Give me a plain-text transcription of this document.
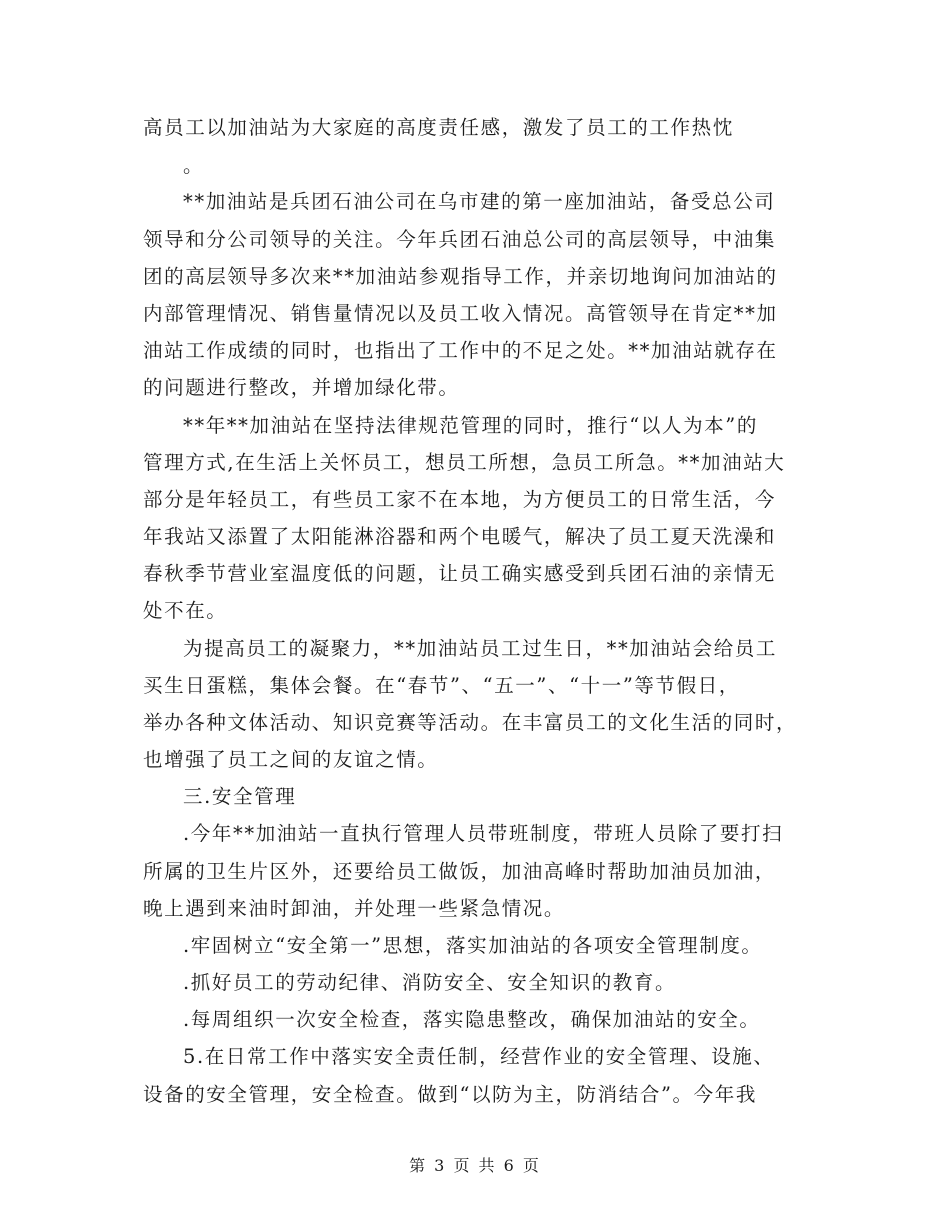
高员工以加油站为大家庭的高度责任感，激发了员工的工作热忱
。
**加油站是兵团石油公司在乌市建的第一座加油站，备受总公司
领导和分公司领导的关注。今年兵团石油总公司的高层领导，中油集
团的高层领导多次来**加油站参观指导工作，并亲切地询问加油站的
内部管理情况、销售量情况以及员工收入情况。高管领导在肯定**加
油站工作成绩的同时，也指出了工作中的不足之处。**加油站就存在
的问题进行整改，并增加绿化带。
**年**加油站在坚持法律规范管理的同时，推行“以人为本”的
管理方式,在生活上关怀员工，想员工所想，急员工所急。**加油站大
部分是年轻员工，有些员工家不在本地，为方便员工的日常生活，今
年我站又添置了太阳能淋浴器和两个电暖气，解决了员工夏天洗澡和
春秋季节营业室温度低的问题，让员工确实感受到兵团石油的亲情无
处不在。
为提高员工的凝聚力，**加油站员工过生日，**加油站会给员工
买生日蛋糕，集体会餐。在“春节”、“五一”、“十一”等节假日，
举办各种文体活动、知识竞赛等活动。在丰富员工的文化生活的同时，
也增强了员工之间的友谊之情。
三.安全管理
.今年**加油站一直执行管理人员带班制度，带班人员除了要打扫
所属的卫生片区外，还要给员工做饭，加油高峰时帮助加油员加油，
晚上遇到来油时卸油，并处理一些紧急情况。
.牢固树立“安全第一”思想，落实加油站的各项安全管理制度。
.抓好员工的劳动纪律、消防安全、安全知识的教育。
.每周组织一次安全检查，落实隐患整改，确保加油站的安全。
5.在日常工作中落实安全责任制，经营作业的安全管理、设施、
设备的安全管理，安全检查。做到“以防为主，防消结合”。今年我
第 3 页 共 6 页
